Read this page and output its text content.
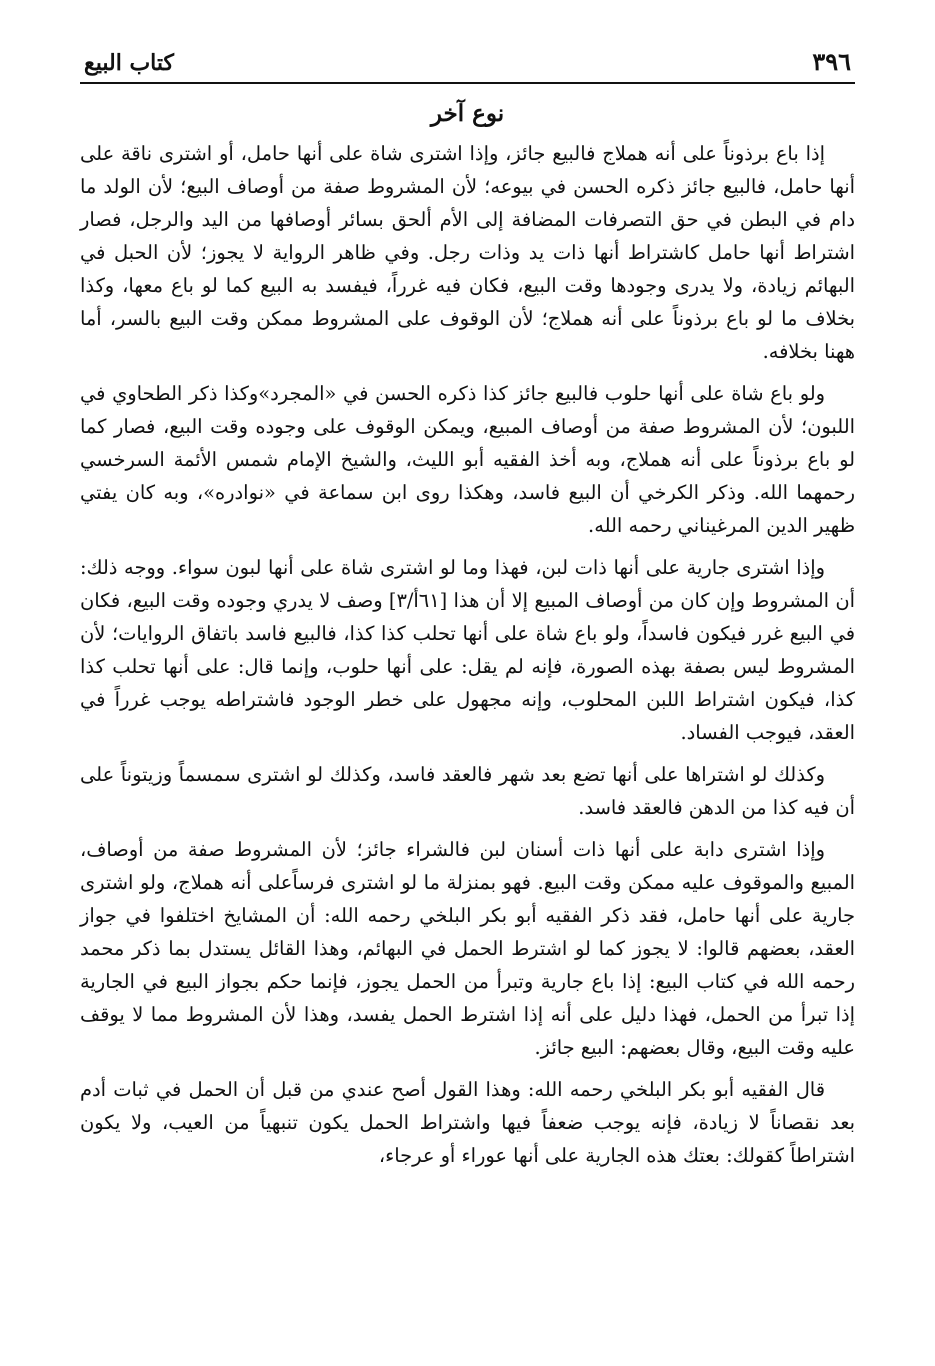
٣٩٦
كتاب البيع
نوع آخر

إذا باع برذوناً على أنه هملاج فالبيع جائز، وإذا اشترى شاة على أنها حامل، أو اشترى ناقة على أنها حامل، فالبيع جائز ذكره الحسن في بيوعه؛ لأن المشروط صفة من أوصاف البيع؛ لأن الولد ما دام في البطن في حق التصرفات المضافة إلى الأم ألحق بسائر أوصافها من اليد والرجل، فصار اشتراط أنها حامل كاشتراط أنها ذات يد وذات رجل. وفي ظاهر الرواية لا يجوز؛ لأن الحبل في البهائم زيادة، ولا يدرى وجودها وقت البيع، فكان فيه غرراً، فيفسد به البيع كما لو باع معها، وكذا بخلاف ما لو باع برذوناً على أنه هملاج؛ لأن الوقوف على المشروط ممكن وقت البيع بالسر، أما ههنا بخلافه.

ولو باع شاة على أنها حلوب فالبيع جائز كذا ذكره الحسن في «المجرد»وكذا ذكر الطحاوي في اللبون؛ لأن المشروط صفة من أوصاف المبيع، ويمكن الوقوف على وجوده وقت البيع، فصار كما لو باع برذوناً على أنه هملاج، وبه أخذ الفقيه أبو الليث، والشيخ الإمام شمس الأئمة السرخسي رحمهما الله. وذكر الكرخي أن البيع فاسد، وهكذا روى ابن سماعة في «نوادره»، وبه كان يفتي ظهير الدين المرغيناني رحمه الله.

وإذا اشترى جارية على أنها ذات لبن، فهذا وما لو اشترى شاة على أنها لبون سواء. ووجه ذلك: أن المشروط وإن كان من أوصاف المبيع إلا أن هذا [٦١أ/٣] وصف لا يدري وجوده وقت البيع، فكان في البيع غرر فيكون فاسداً، ولو باع شاة على أنها تحلب كذا كذا، فالبيع فاسد باتفاق الروايات؛ لأن المشروط ليس بصفة بهذه الصورة، فإنه لم يقل: على أنها حلوب، وإنما قال: على أنها تحلب كذا كذا، فيكون اشتراط اللبن المحلوب، وإنه مجهول على خطر الوجود فاشتراطه يوجب غرراً في العقد، فيوجب الفساد.

وكذلك لو اشتراها على أنها تضع بعد شهر فالعقد فاسد، وكذلك لو اشترى سمسماً وزيتوناً على أن فيه كذا من الدهن فالعقد فاسد.

وإذا اشترى دابة على أنها ذات أسنان لبن فالشراء جائز؛ لأن المشروط صفة من أوصاف، المبيع والموقوف عليه ممكن وقت البيع. فهو بمنزلة ما لو اشترى فرساًعلى أنه هملاج، ولو اشترى جارية على أنها حامل، فقد ذكر الفقيه أبو بكر البلخي رحمه الله: أن المشايخ اختلفوا في جواز العقد، بعضهم قالوا: لا يجوز كما لو اشترط الحمل في البهائم، وهذا القائل يستدل بما ذكر محمد رحمه الله في كتاب البيع: إذا باع جارية وتبرأ من الحمل يجوز، فإنما حكم بجواز البيع في الجارية إذا تبرأ من الحمل، فهذا دليل على أنه إذا اشترط الحمل يفسد، وهذا لأن المشروط مما لا يوقف عليه وقت البيع، وقال بعضهم: البيع جائز.

قال الفقيه أبو بكر البلخي رحمه الله: وهذا القول أصح عندي من قبل أن الحمل في ثبات أدم بعد نقصاناً لا زيادة، فإنه يوجب ضعفاً فيها واشتراط الحمل يكون تنبهياً من العيب، ولا يكون اشتراطاً كقولك: بعتك هذه الجارية على أنها عوراء أو عرجاء،
